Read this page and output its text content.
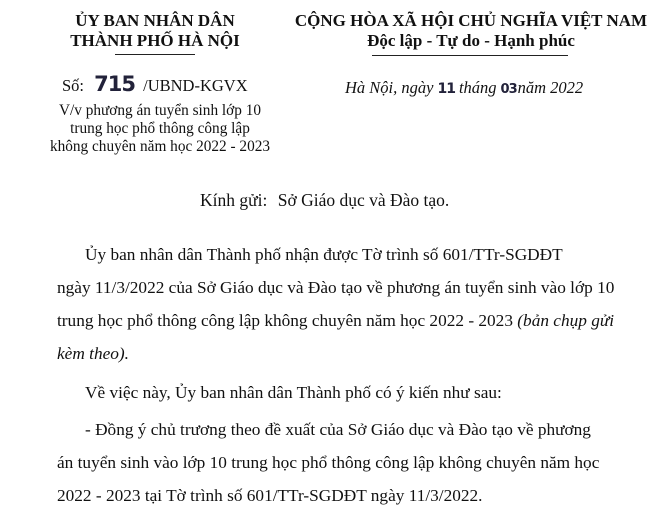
ỦY BAN NHÂN DÂN
THÀNH PHỐ HÀ NỘI
Số: 715 /UBND-KGVX
V/v phương án tuyển sinh lớp 10
trung học phổ thông công lập
không chuyên năm học 2022 - 2023
CỘNG HÒA XÃ HỘI CHỦ NGHĨA VIỆT NAM
Độc lập - Tự do - Hạnh phúc
Hà Nội, ngày 11 tháng 03năm 2022
Kính gửi: Sở Giáo dục và Đào tạo.
Ủy ban nhân dân Thành phố nhận được Tờ trình số 601/TTr-SGDĐT
ngày 11/3/2022 của Sở Giáo dục và Đào tạo về phương án tuyển sinh vào lớp 10
trung học phổ thông công lập không chuyên năm học 2022 - 2023 (bản chụp gửi
kèm theo).
Về việc này, Ủy ban nhân dân Thành phố có ý kiến như sau:
- Đồng ý chủ trương theo đề xuất của Sở Giáo dục và Đào tạo về phương
án tuyển sinh vào lớp 10 trung học phổ thông công lập không chuyên năm học
2022 - 2023 tại Tờ trình số 601/TTr-SGDĐT ngày 11/3/2022.
